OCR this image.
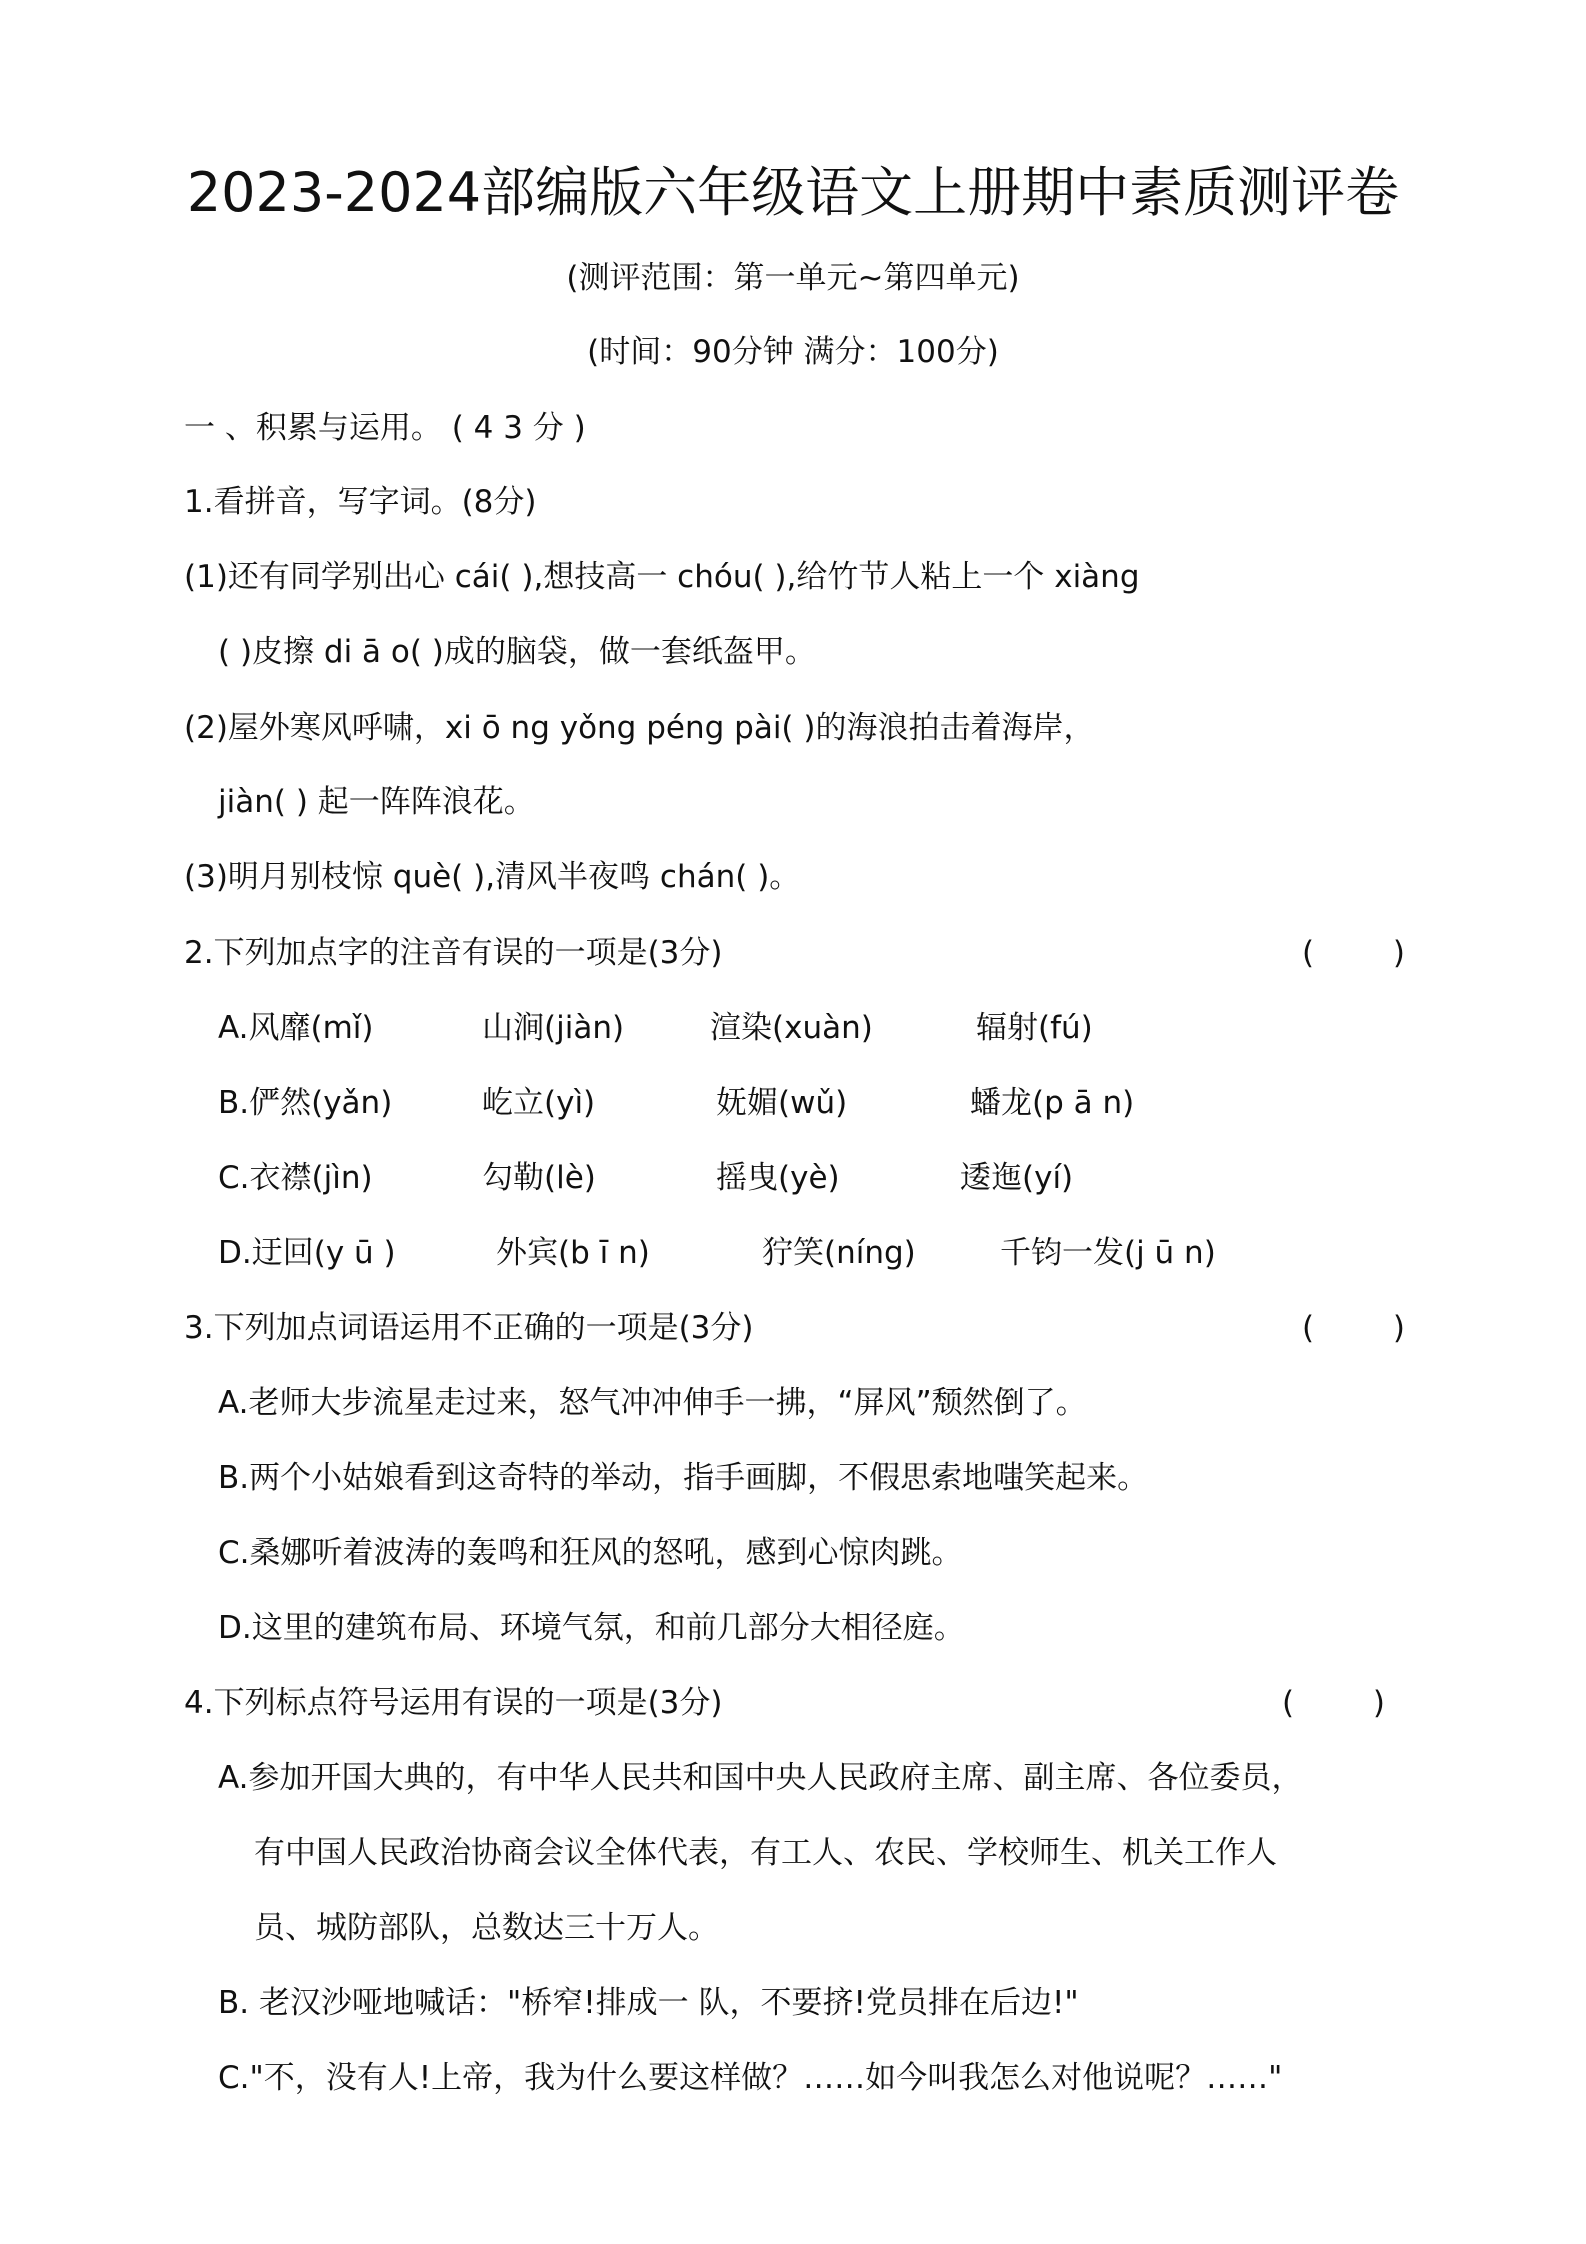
2023-2024部编版六年级语文上册期中素质测评卷
(测评范围：第一单元~第四单元)
(时间：90分钟 满分：100分)
一 、积累与运用。 ( 4 3 分 )
1.看拼音，写字词。(8分)
(1)还有同学别出心 cái( ),想技高一 chóu( ),给竹节人粘上一个 xiàng
( )皮擦 di ā o( )成的脑袋，做一套纸盔甲。
(2)屋外寒风呼啸，xi ō ng yǒng péng pài( )的海浪拍击着海岸，
jiàn( ) 起一阵阵浪花。
(3)明月别枝惊 què( ),清风半夜鸣 chán( )。
2.下列加点字的注音有误的一项是(3分)	(        )
A.风靡(mǐ)	山涧(jiàn)	渲染(xuàn)	辐射(fú)
B.俨然(yǎn)	屹立(yì)	妩媚(wǔ)	蟠龙(p ā n)
C.衣襟(jìn)	勾勒(lè)	摇曳(yè)	逶迤(yí)
D.迂回(y ū )	外宾(b ī n)	狞笑(níng)	千钧一发(j ū n)
3.下列加点词语运用不正确的一项是(3分)	(        )
A.老师大步流星走过来，怒气冲冲伸手一拂，“屏风”颓然倒了。
B.两个小姑娘看到这奇特的举动，指手画脚，不假思索地嗤笑起来。
C.桑娜听着波涛的轰鸣和狂风的怒吼，感到心惊肉跳。
D.这里的建筑布局、环境气氛，和前几部分大相径庭。
4.下列标点符号运用有误的一项是(3分)	(        )
A.参加开国大典的，有中华人民共和国中央人民政府主席、副主席、各位委员，
有中国人民政治协商会议全体代表，有工人、农民、学校师生、机关工作人
员、城防部队，总数达三十万人。
B. 老汉沙哑地喊话："桥窄!排成一 队，不要挤!党员排在后边!"
C."不，没有人!上帝，我为什么要这样做？……如今叫我怎么对他说呢？……"
